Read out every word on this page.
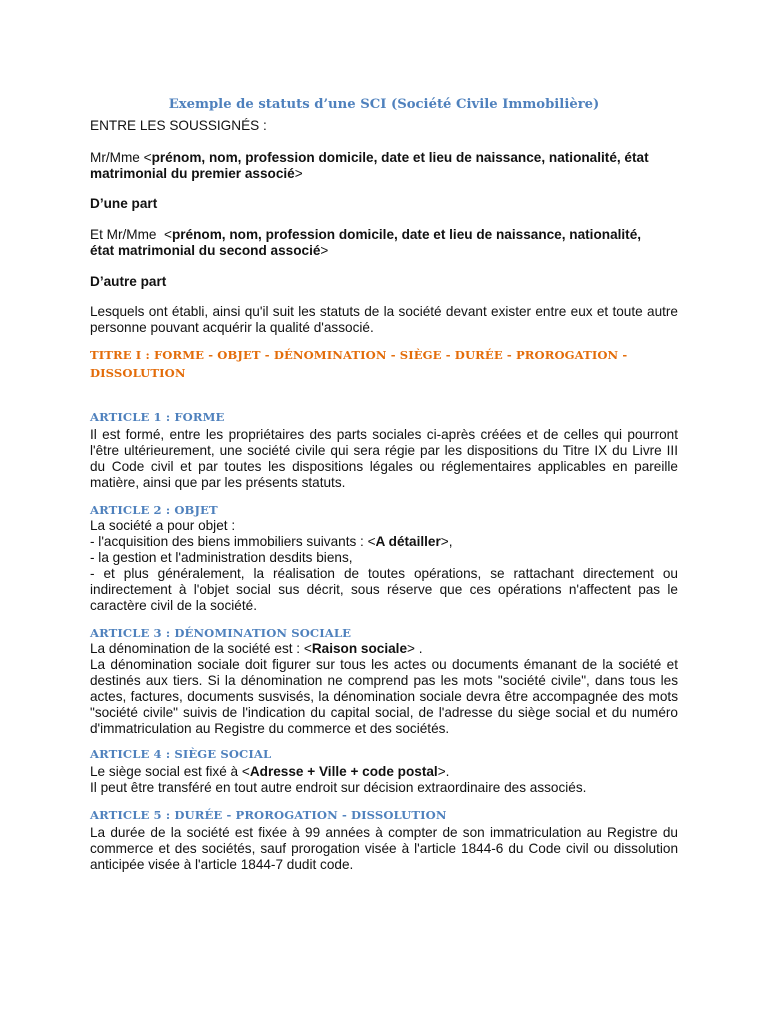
Exemple de statuts d’une SCI (Société Civile Immobilière)

ENTRE LES SOUSSIGNÉS :

Mr/Mme <prénom, nom, profession domicile, date et lieu de naissance, nationalité, état
matrimonial du premier associé>

D’une part

Et Mr/Mme  <prénom, nom, profession domicile, date et lieu de naissance, nationalité,
état matrimonial du second associé>

D’autre part

Lesquels ont établi, ainsi qu'il suit les statuts de la société devant exister entre eux et toute autre personne pouvant acquérir la qualité d'associé.

TITRE I : FORME - OBJET - DÉNOMINATION - SIÈGE - DURÉE - PROROGATION -
DISSOLUTION

ARTICLE 1 : FORME

Il est formé, entre les propriétaires des parts sociales ci-après créées et de celles qui pourront l'être ultérieurement, une société civile qui sera régie par les dispositions du Titre IX du Livre III du Code civil et par toutes les dispositions légales ou réglementaires applicables en pareille matière, ainsi que par les présents statuts.

ARTICLE 2 : OBJET

La société a pour objet :
- l'acquisition des biens immobiliers suivants : <A détailler>,
- la gestion et l'administration desdits biens,
- et plus généralement, la réalisation de toutes opérations, se rattachant directement ou indirectement à l'objet social sus décrit, sous réserve que ces opérations n'affectent pas le caractère civil de la société.

ARTICLE 3 : DÉNOMINATION SOCIALE

La dénomination de la société est : <Raison sociale> .
La dénomination sociale doit figurer sur tous les actes ou documents émanant de la société et destinés aux tiers. Si la dénomination ne comprend pas les mots "société civile", dans tous les actes, factures, documents susvisés, la dénomination sociale devra être accompagnée des mots "société civile" suivis de l'indication du capital social, de l'adresse du siège social et du numéro d'immatriculation au Registre du commerce et des sociétés.

ARTICLE 4 : SIÈGE SOCIAL

Le siège social est fixé à <Adresse + Ville + code postal>.
Il peut être transféré en tout autre endroit sur décision extraordinaire des associés.

ARTICLE 5 : DURÉE - PROROGATION - DISSOLUTION

La durée de la société est fixée à 99 années à compter de son immatriculation au Registre du commerce et des sociétés, sauf prorogation visée à l'article 1844-6 du Code civil ou dissolution anticipée visée à l'article 1844-7 dudit code.
